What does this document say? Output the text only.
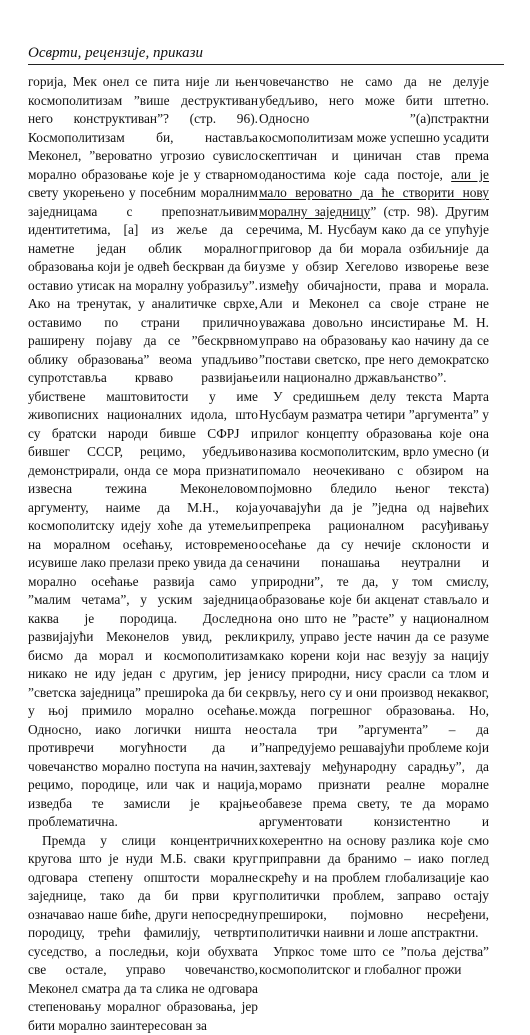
Осврти, рецензије, прикази

горија, Мек онел се пита није ли њен космополитизам ”више деструктиван него конструктиван”? (стр. 96). Космополитизам би, наставља Меконел, ”вероватно угрозио сувисло морално образовање које је у стварном свету укорењено у посебним моралним заједницама с препознатљивим идентитетима, [а] из жеље да се наметне један облик моралног образовања који је одвећ бескрван да би оставио утисак на моралну уобразиљу”. Ако на тренутак, у аналитичке сврхе, оставимо по страни прилично раширену појаву да се ”бескрвном облику образовања” веома упадљиво супротставља крваво развијање убиствене маштовитости у име живописних националних идола, што су братски народи бивше СФРЈ и бившег СССР, рецимо, убедљиво демонстрирали, онда се мора признати извесна тежина Меконеловом аргументу, наиме да М.Н., која космополитску идеју хоће да утемељи на моралном осећању, истовремено исувише лако прелази преко увида да се морално осећање развија само у ”малим четама”, у уским заједница каква је породица. Доследно развијајући Меконелов увид, рекли бисмо да морал и космополитизам никако не иду један с другим, јер је ”светска заједница” прешироka да би се у њој примило морално осећање. Односно, иако логички ништа не противречи могућности да и човечанство морално поступа на начин, рецимо, породице, или чак и нација, изведба те замисли је крајње проблематична.

Премда у слици концентричних кругова што је нуди М.Б. сваки круг одговара степену општости моралне заједнице, тако да би први круг означавао наше биће, други непосредну породицу, трећи фамилију, четврти суседство, а последњи, који обухвата све остале, управо човечанство, Меконел сматра да та слика не одговара степеновању моралног образовања, јер бити морално заинтересован за

човечанство не само да не делује убедљиво, него може бити штетно. Односно ”(а)пстрактни космополитизам може успешно усадити скептичан и циничан став према оданостима које сада постоје, али је мало вероватно да ће створити нову моралну заједницу” (стр. 98). Другим речима, М. Нусбаум како да се упућује приговор да би морала озбиљније да узме у обзир Хегелово изворење везе између обичајности, права и морала. Али и Меконел са своје стране не уважава довољно инсистирање М. Н. управо на образовању као начину да се ”постави светско, пре него демократско или национално држављанство”.

У средишњем делу текста Марта Нусбаум разматра четири ”аргумента” у прилог концепту образовања које она назива космополитским, врло умесно (и помало неочекивано с обзиром на појмовно бледило њеног текста) уочавајући да је ”једна од највећих препрека рационалном расуђивању осећање да су нечије склоности и начини понашања неутрални и природни”, те да, у том смислу, образовање које би акценат стављало и на оно што не ”расте” у националном крилу, управо јесте начин да се разуме како корени који нас везују за нацију нису природни, нису срасли са тлом и крвљу, него су и они производ некаквог, можда погрешног образовања. Но, остала три ”аргумента” – да ”напредујемо решавајући проблеме који захтевају међународну сарадњу”, да морамо признати реалне моралне обавезе према свету, те да морамо аргументовати конзистентно и кохерентно на основу разлика које смо припрaвни да бранимо – иако поглед скрећу и на проблем глобализације као политички проблем, заправо остају прешироки, појмовно несређени, политички наивни и лоше апстрактни.

Упркос томе што се ”поља дејства” космополитског и глобалног прожи
